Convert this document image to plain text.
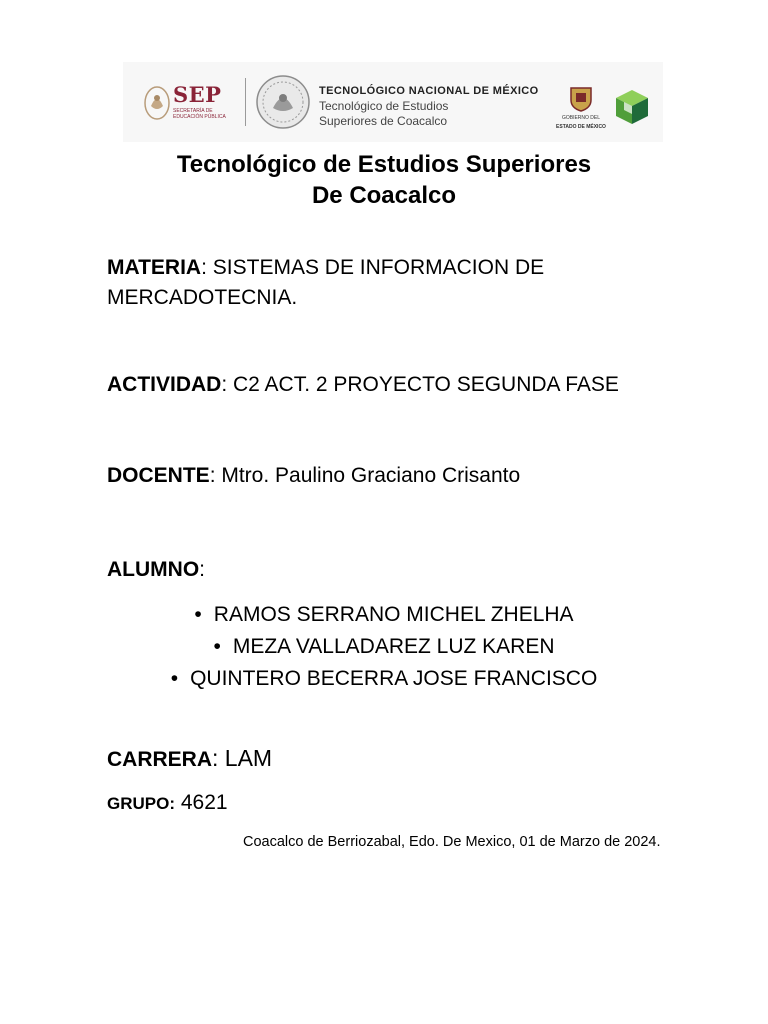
SEP
SECRETARÍA DE EDUCACIÓN PÚBLICA
TECNOLÓGICO NACIONAL DE MÉXICO
Tecnológico de Estudios
Superiores de Coacalco	GOBIERNO DEL
ESTADO DE MÉXICO
Tecnológico de Estudios Superiores
De Coacalco
MATERIA: SISTEMAS DE INFORMACION DE
MERCADOTECNIA.
ACTIVIDAD: C2 ACT. 2 PROYECTO SEGUNDA FASE
DOCENTE: Mtro. Paulino Graciano Crisanto
ALUMNO:
• RAMOS SERRANO MICHEL ZHELHA
• MEZA VALLADAREZ LUZ KAREN
• QUINTERO BECERRA JOSE FRANCISCO
CARRERA: LAM
GRUPO: 4621
Coacalco de Berriozabal, Edo. De Mexico, 01 de Marzo de 2024.
